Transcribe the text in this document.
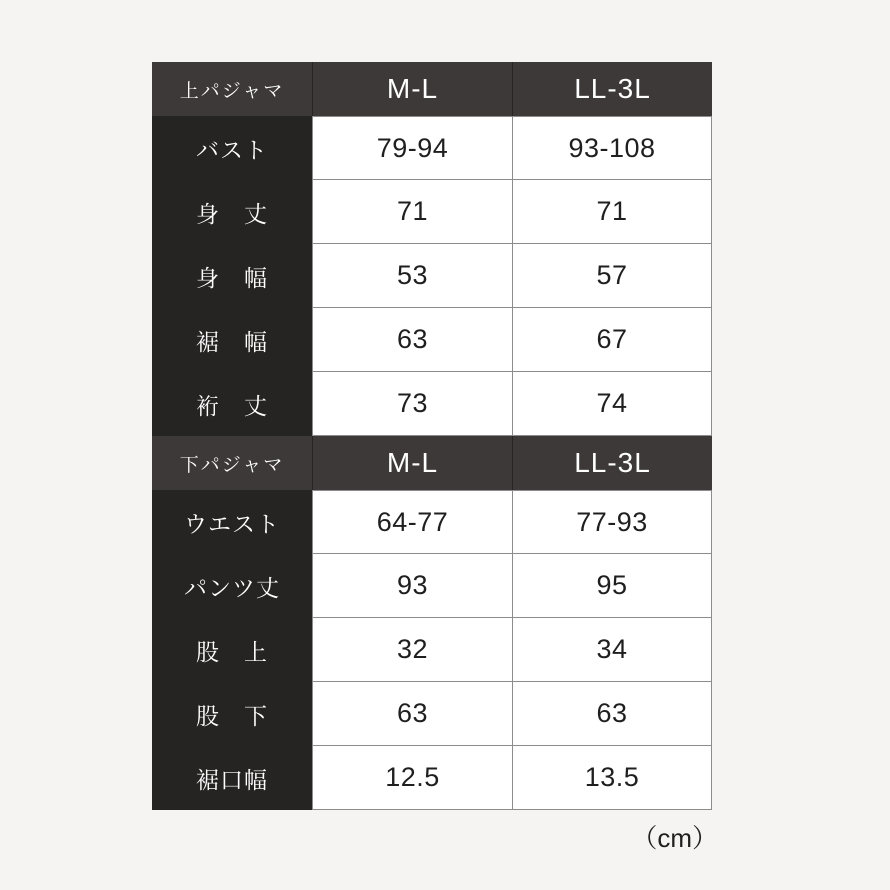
上パジャマ	M-L	LL-3L
バスト	79-94	93-108
身　丈	71	71
身　幅	53	57
裾　幅	63	67
裄　丈	73	74
下パジャマ	M-L	LL-3L
ウエスト	64-77	77-93
パンツ丈	93	95
股　上	32	34
股　下	63	63
裾口幅	12.5	13.5
（cm）
